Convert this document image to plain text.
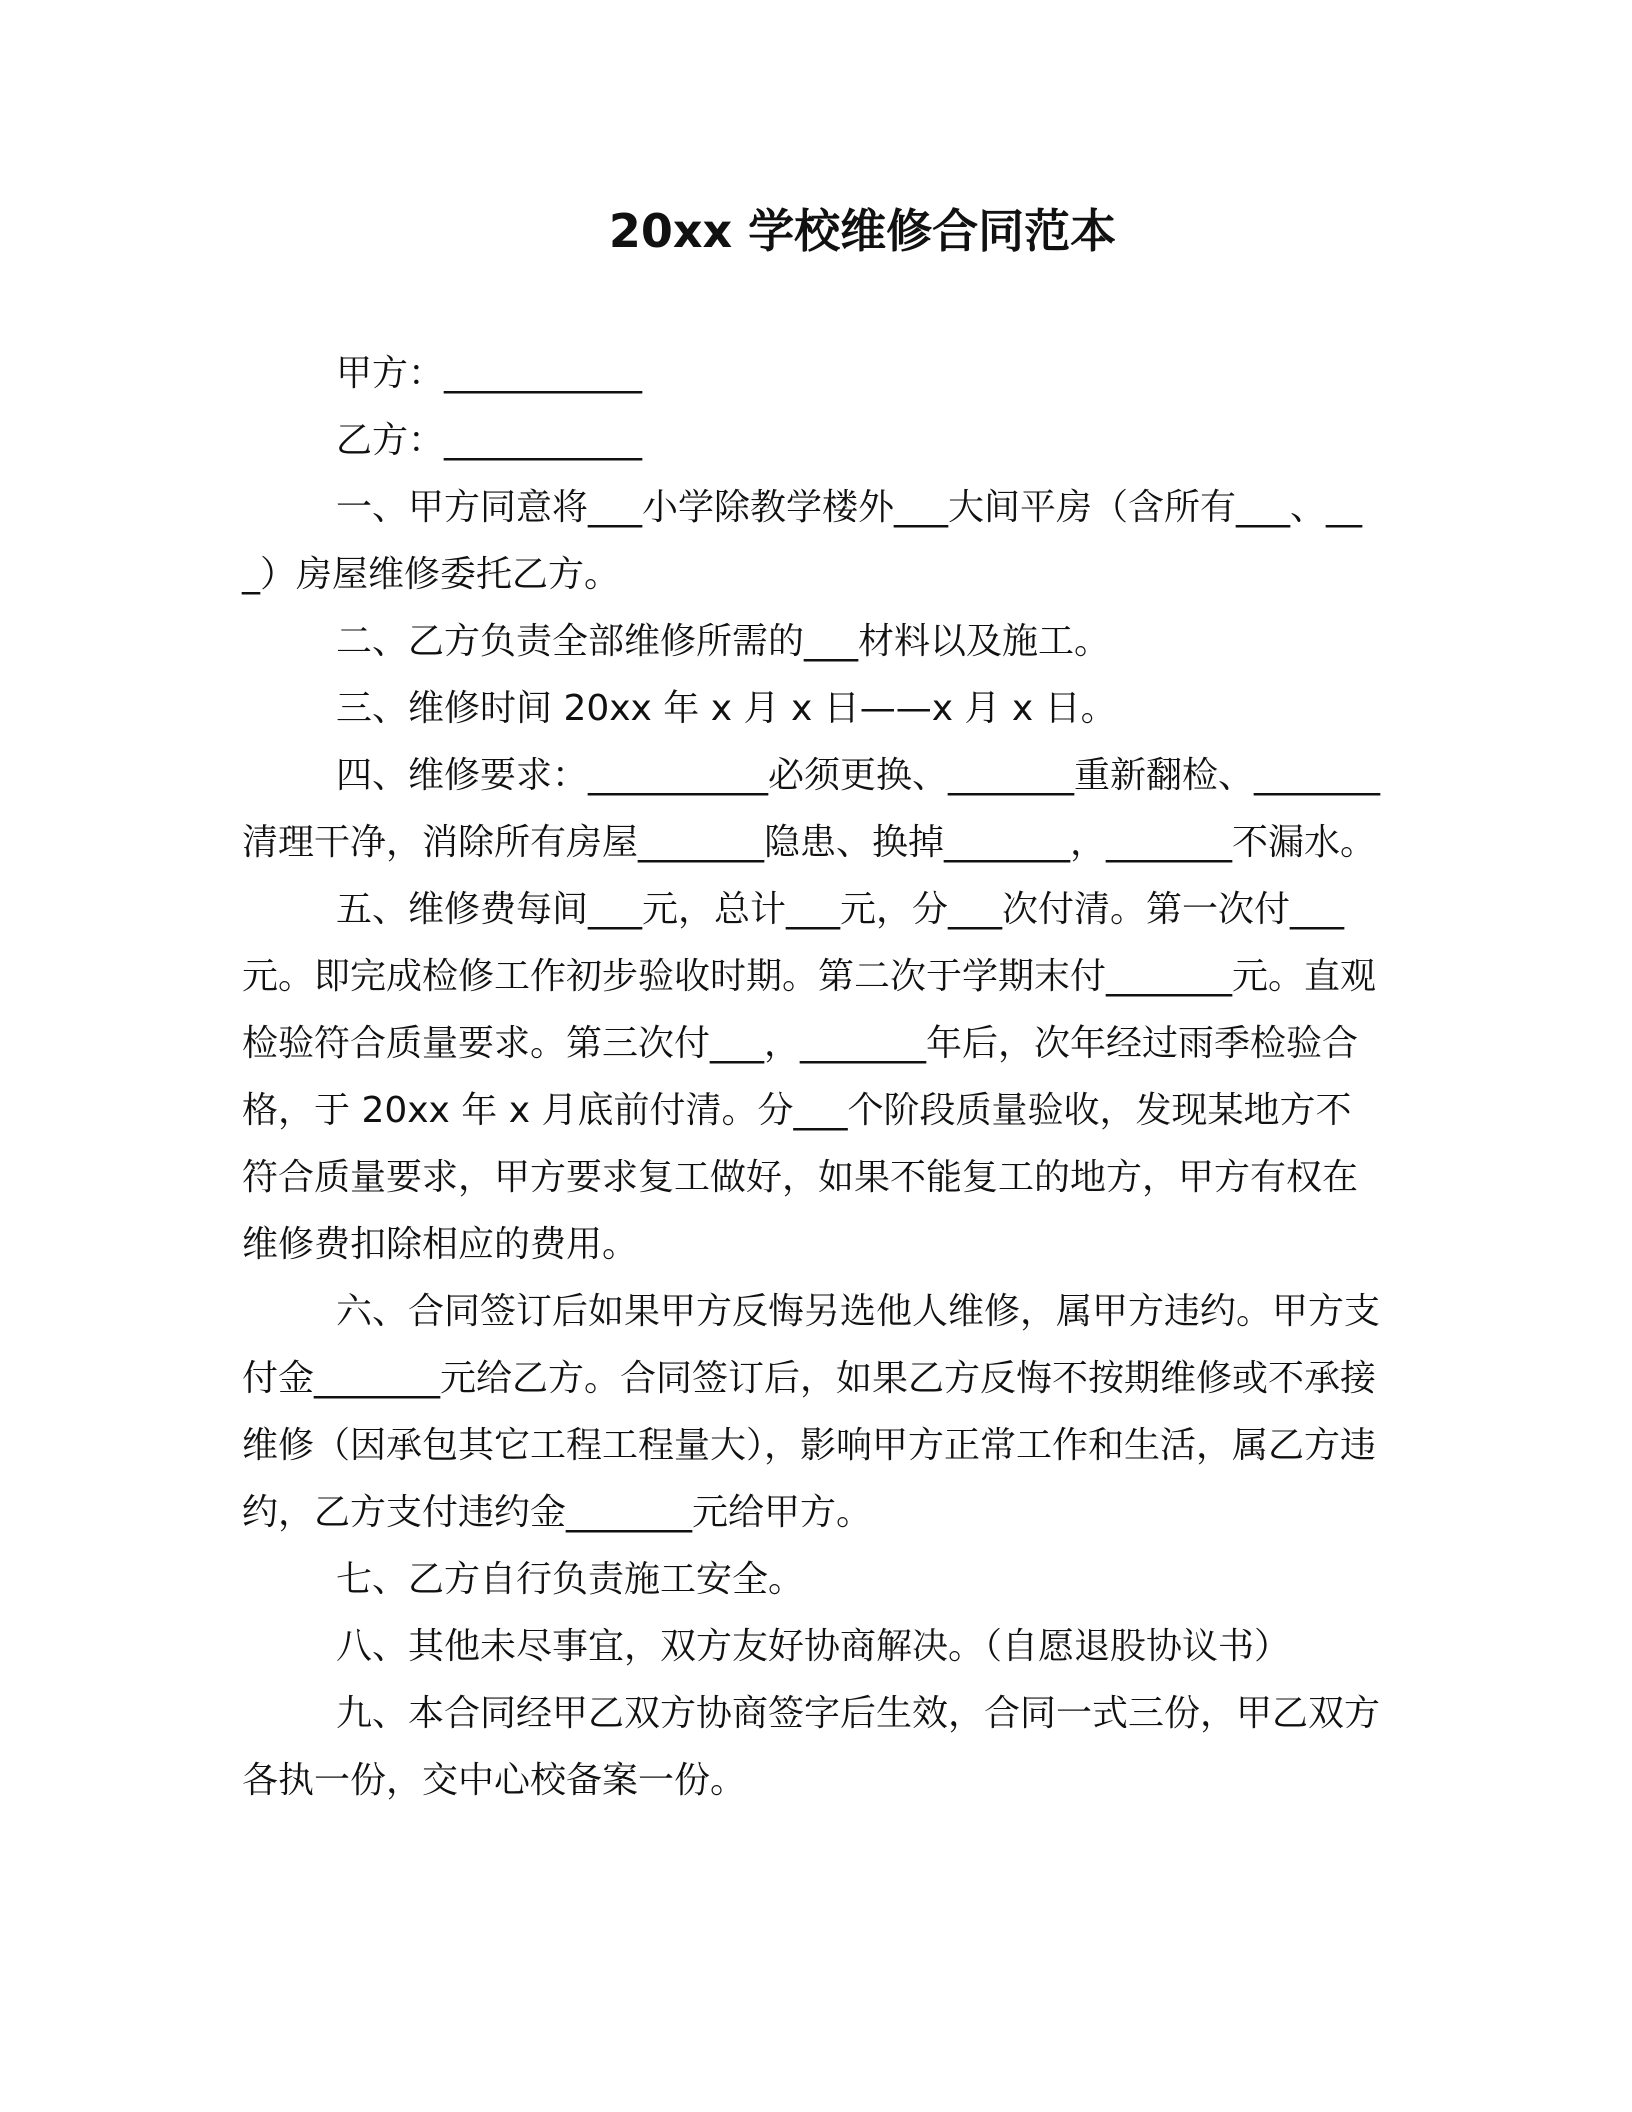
20xx 学校维修合同范本

甲方：___________

乙方：___________

一、甲方同意将___小学除教学楼外___大间平房（含所有___、___）房屋维修委托乙方。

二、乙方负责全部维修所需的___材料以及施工。

三、维修时间 20xx 年 x 月 x 日——x 月 x 日。

四、维修要求：__________必须更换、_______重新翻检、_______清理干净，消除所有房屋_______隐患、换掉_______，_______不漏水。

五、维修费每间___元，总计___元，分___次付清。第一次付___元。即完成检修工作初步验收时期。第二次于学期末付_______元。直观检验符合质量要求。第三次付___，_______年后，次年经过雨季检验合格，于 20xx 年 x 月底前付清。分___个阶段质量验收，发现某地方不符合质量要求，甲方要求复工做好，如果不能复工的地方，甲方有权在维修费扣除相应的费用。

六、合同签订后如果甲方反悔另选他人维修，属甲方违约。甲方支付金_______元给乙方。合同签订后，如果乙方反悔不按期维修或不承接维修（因承包其它工程工程量大），影响甲方正常工作和生活，属乙方违约，乙方支付违约金_______元给甲方。

七、乙方自行负责施工安全。

八、其他未尽事宜，双方友好协商解决。（自愿退股协议书）

九、本合同经甲乙双方协商签字后生效，合同一式三份，甲乙双方各执一份，交中心校备案一份。
